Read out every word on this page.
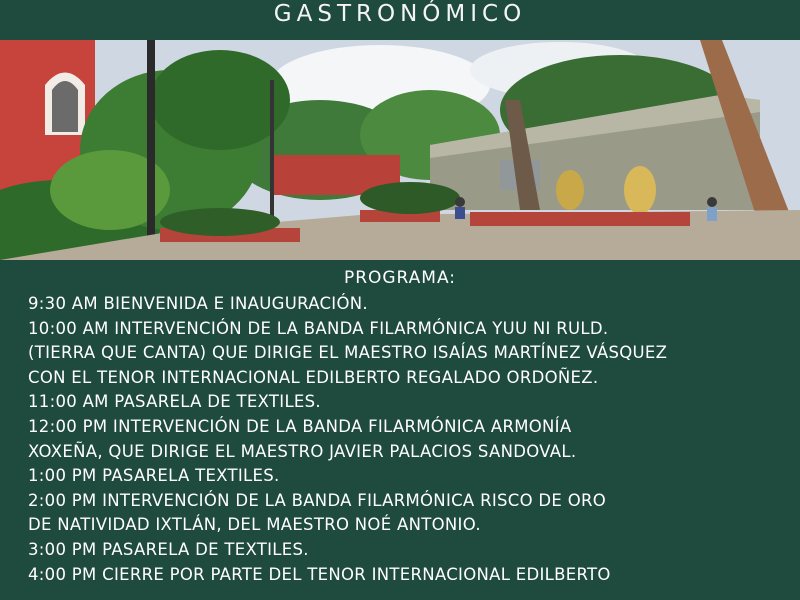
GASTRONÓMICO
PROGRAMA:
9:30 AM BIENVENIDA E INAUGURACIÓN.
10:00 AM INTERVENCIÓN DE LA BANDA FILARMÓNICA YUU NI RULD.
(TIERRA QUE CANTA) QUE DIRIGE EL MAESTRO ISAÍAS MARTÍNEZ VÁSQUEZ
CON EL TENOR INTERNACIONAL EDILBERTO REGALADO ORDOÑEZ.
11:00 AM PASARELA DE TEXTILES.
12:00 PM INTERVENCIÓN DE LA BANDA FILARMÓNICA ARMONÍA
XOXEÑA, QUE DIRIGE EL MAESTRO JAVIER PALACIOS SANDOVAL.
1:00 PM PASARELA TEXTILES.
2:00 PM INTERVENCIÓN DE LA BANDA FILARMÓNICA RISCO DE ORO
DE NATIVIDAD IXTLÁN, DEL MAESTRO NOÉ ANTONIO.
3:00 PM PASARELA DE TEXTILES.
4:00 PM CIERRE POR PARTE DEL TENOR INTERNACIONAL EDILBERTO
